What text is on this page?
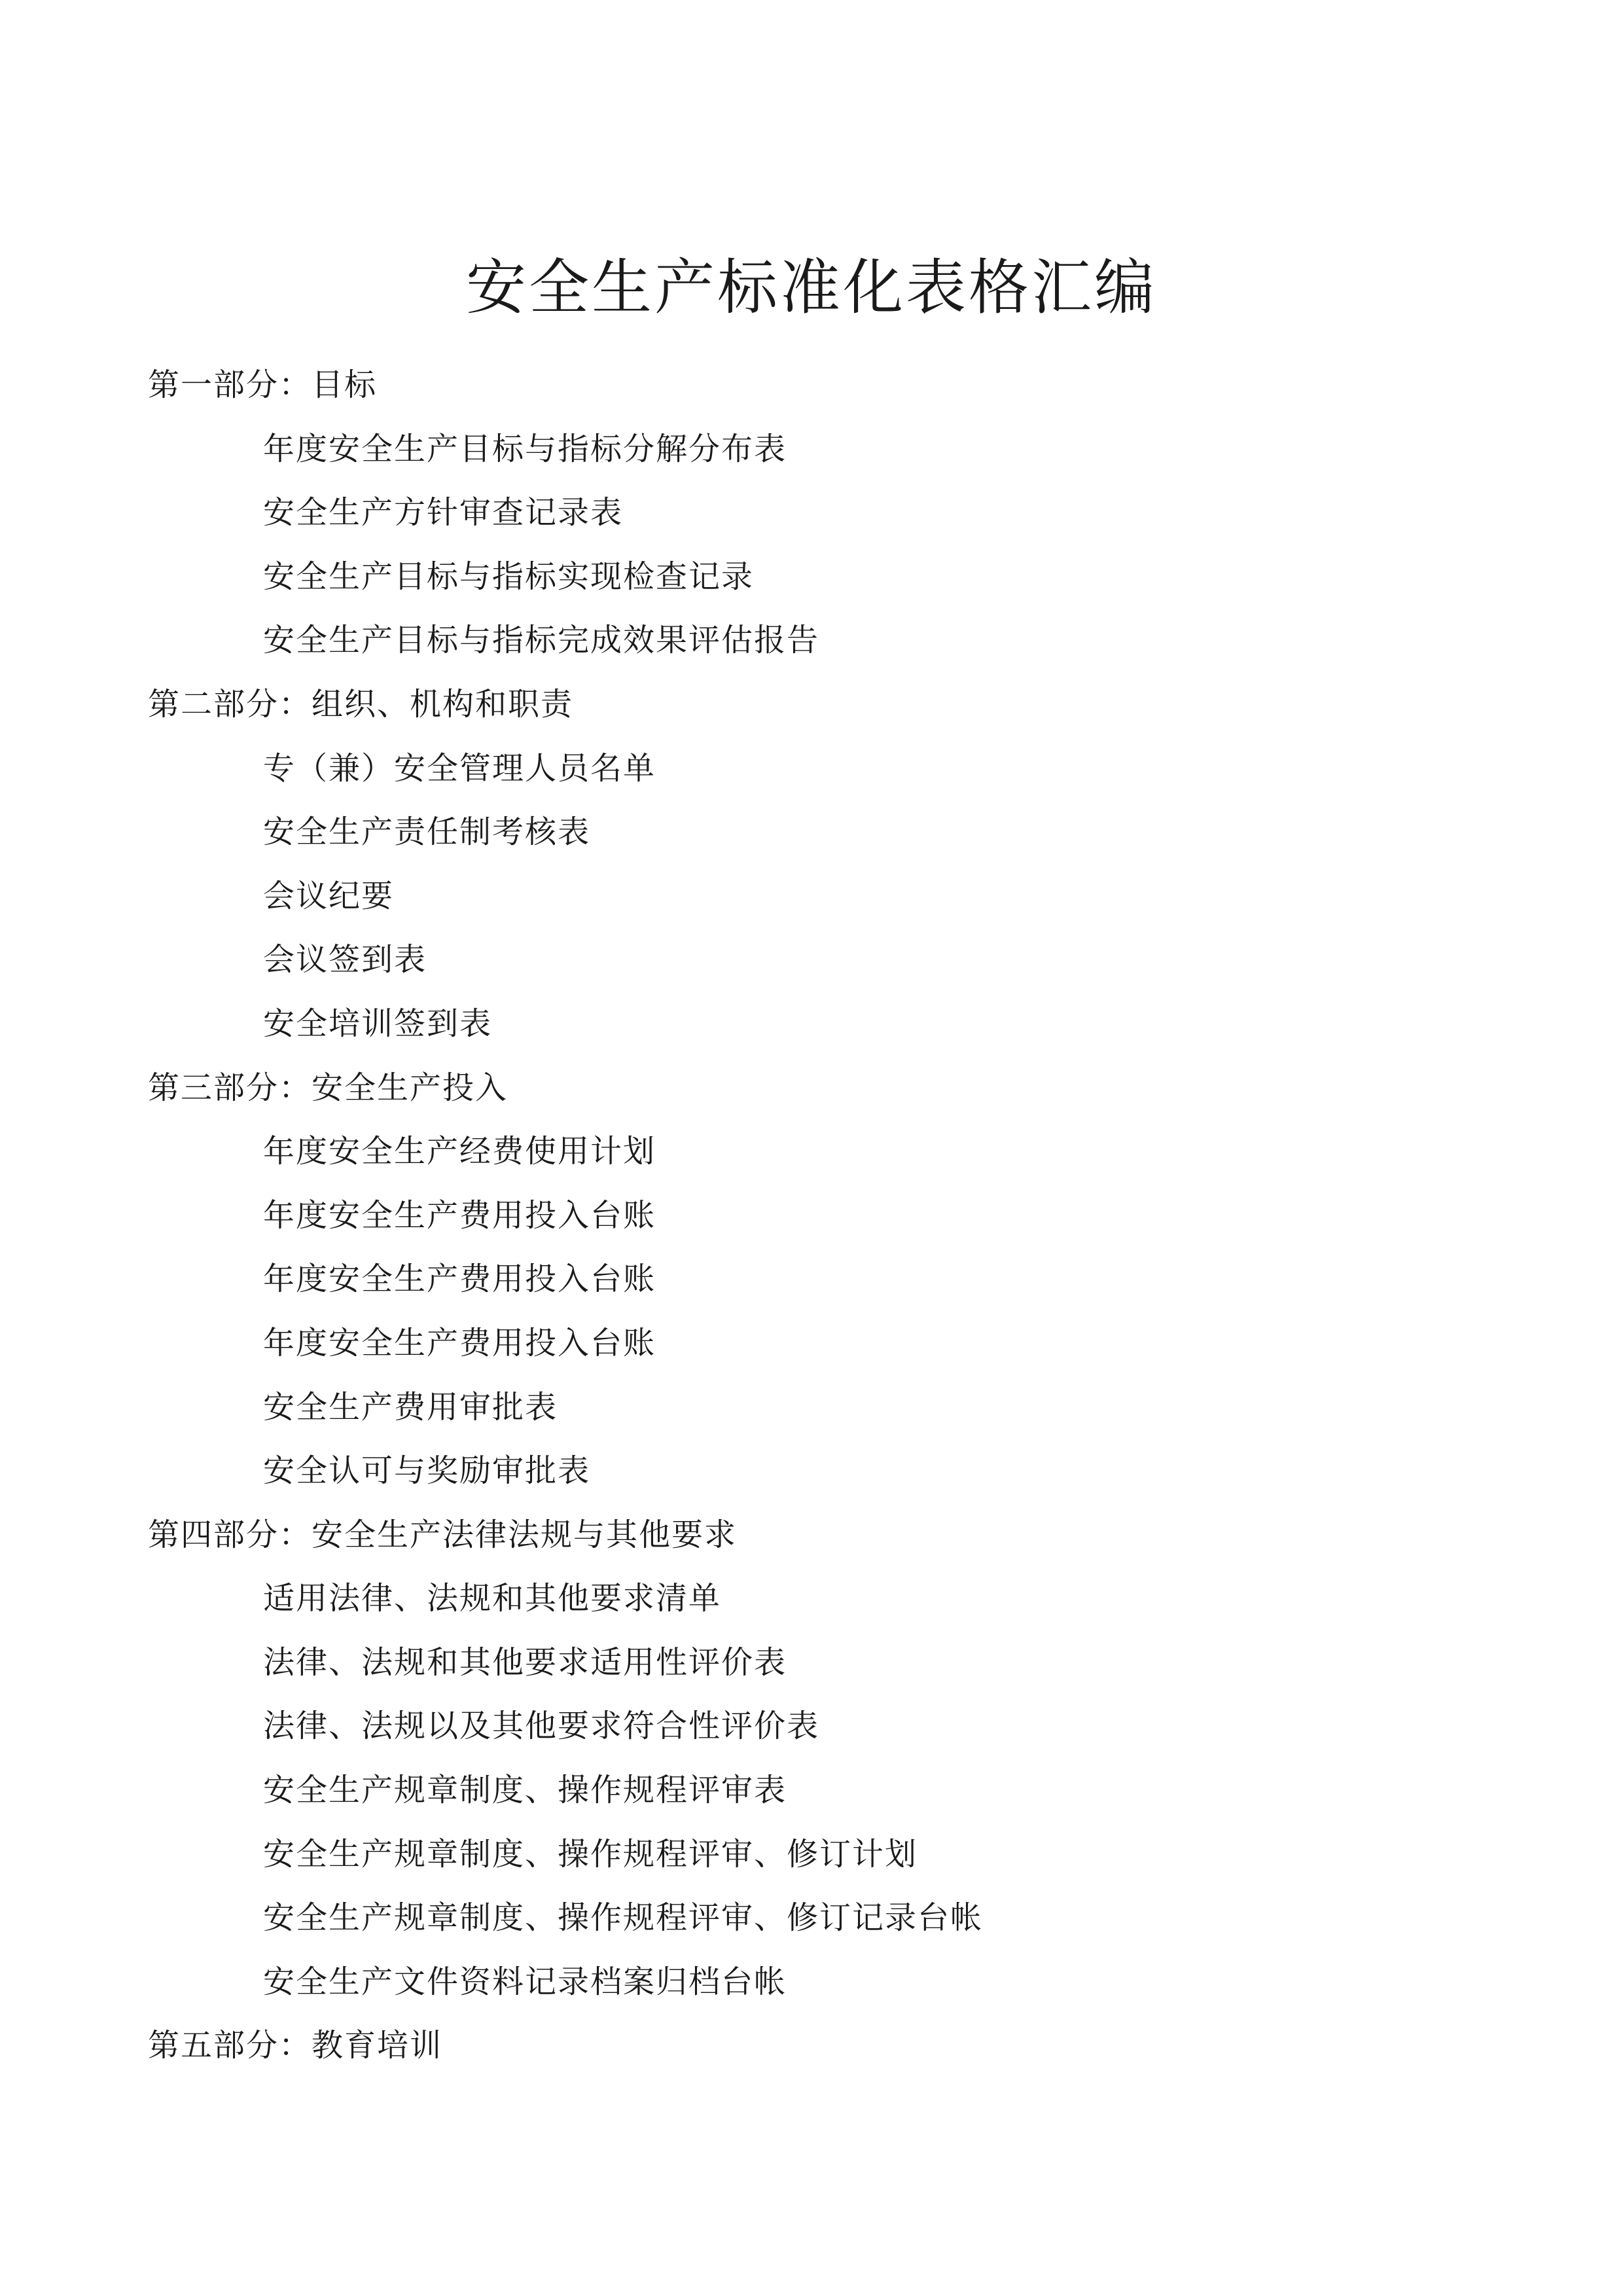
安全生产标准化表格汇编
第一部分：目标
年度安全生产目标与指标分解分布表
安全生产方针审查记录表
安全生产目标与指标实现检查记录
安全生产目标与指标完成效果评估报告
第二部分：组织、机构和职责
专（兼）安全管理人员名单
安全生产责任制考核表
会议纪要
会议签到表
安全培训签到表
第三部分：安全生产投入
年度安全生产经费使用计划
年度安全生产费用投入台账
年度安全生产费用投入台账
年度安全生产费用投入台账
安全生产费用审批表
安全认可与奖励审批表
第四部分：安全生产法律法规与其他要求
适用法律、法规和其他要求清单
法律、法规和其他要求适用性评价表
法律、法规以及其他要求符合性评价表
安全生产规章制度、操作规程评审表
安全生产规章制度、操作规程评审、修订计划
安全生产规章制度、操作规程评审、修订记录台帐
安全生产文件资料记录档案归档台帐
第五部分：教育培训
